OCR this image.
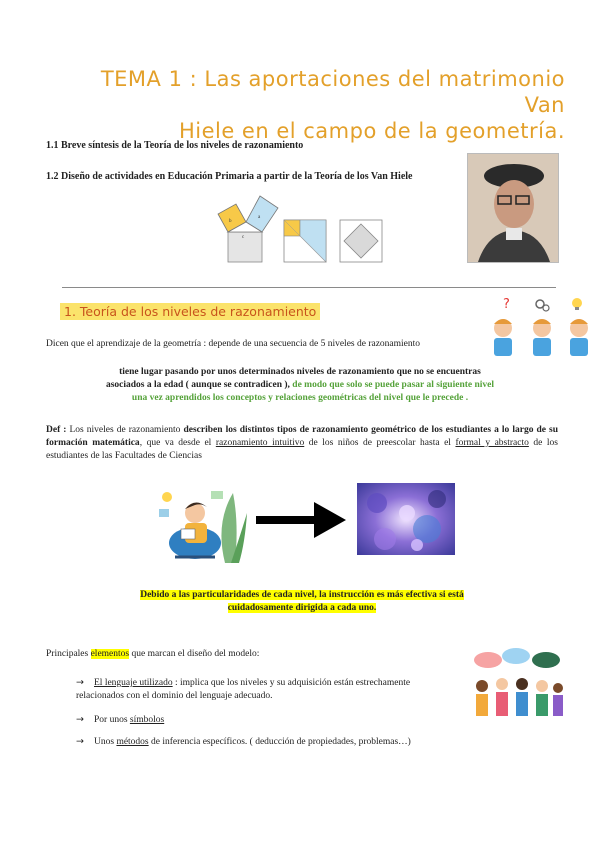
TEMA 1 : Las aportaciones del matrimonio Van
Hiele en el campo de la geometría.
1.1 Breve síntesis de la Teoría de los niveles de razonamiento
1.2 Diseño de actividades en Educación Primaria a partir de la Teoría de los Van Hiele
b
a
c
1. Teoría de los niveles de razonamiento	?
Dicen que el aprendizaje de la geometría : depende de una secuencia de 5 niveles de razonamiento
tiene lugar pasando por unos determinados niveles de razonamiento que no se encuentras
asociados a la edad ( aunque se contradicen ), de modo que solo se puede pasar al siguiente nivel
una vez aprendidos los conceptos y relaciones geométricas del nivel que le precede .
Def : Los niveles de razonamiento describen los distintos tipos de razonamiento geométrico de los estudiantes a lo largo de su formación matemática, que va desde el razonamiento intuitivo de los niños de preescolar hasta el formal y abstracto de los estudiantes de las Facultades de Ciencias
Debido a las particularidades de cada nivel, la instrucción es más efectiva si está
cuidadosamente dirigida a cada uno.
Principales elementos que marcan el diseño del modelo:
→ El lenguaje utilizado : implica que los niveles y su adquisición están estrechamente relacionados con el dominio del lenguaje adecuado.
→ Por unos símbolos
→ Unos métodos de inferencia específicos. ( deducción de propiedades, problemas…)
